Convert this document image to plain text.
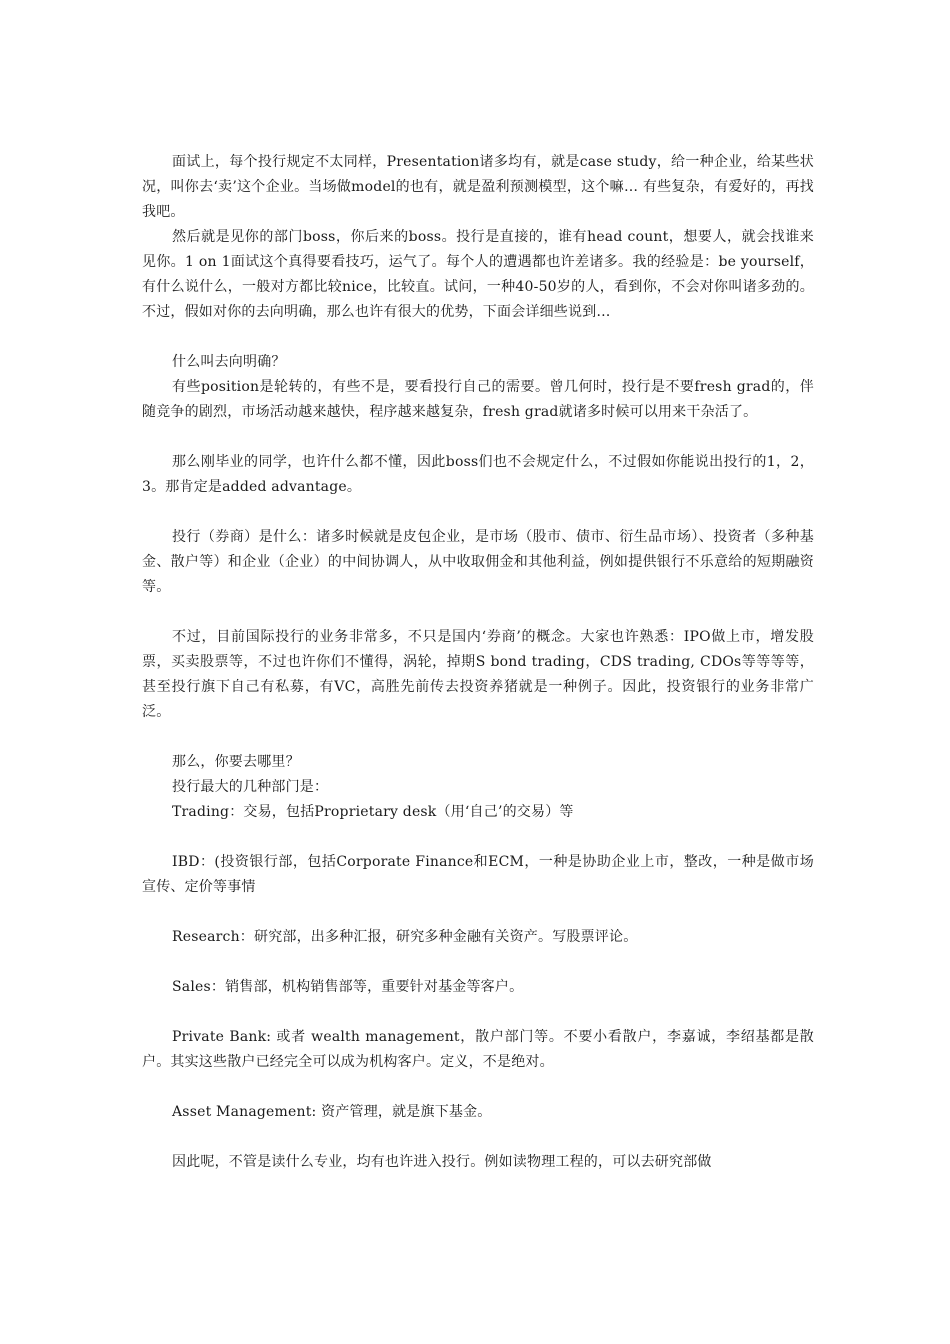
面试上，每个投行规定不太同样，Presentation诸多均有，就是case study，给一种企业，给某些状况，叫你去‘卖’这个企业。当场做model的也有，就是盈利预测模型，这个嘛… 有些复杂，有爱好的，再找我吧。

然后就是见你的部门boss，你后来的boss。投行是直接的，谁有head count，想要人，就会找谁来见你。1 on 1面试这个真得要看技巧，运气了。每个人的遭遇都也许差诸多。我的经验是：be yourself，有什么说什么，一般对方都比较nice，比较直。试问，一种40-50岁的人，看到你，不会对你叫诸多劲的。不过，假如对你的去向明确，那么也许有很大的优势，下面会详细些说到…

什么叫去向明确？

有些position是轮转的，有些不是，要看投行自己的需要。曾几何时，投行是不要fresh grad的，伴随竞争的剧烈，市场活动越来越快，程序越来越复杂，fresh grad就诸多时候可以用来干杂活了。

那么刚毕业的同学，也许什么都不懂，因此boss们也不会规定什么，不过假如你能说出投行的1，2，3。那肯定是added advantage。

投行（券商）是什么：诸多时候就是皮包企业，是市场（股市、债市、衍生品市场）、投资者（多种基金、散户等）和企业（企业）的中间协调人，从中收取佣金和其他利益，例如提供银行不乐意给的短期融资等。

不过，目前国际投行的业务非常多，不只是国内‘券商’的概念。大家也许熟悉：IPO做上市，增发股票，买卖股票等，不过也许你们不懂得，涡轮，掉期S bond trading，CDS trading, CDOs等等等等，甚至投行旗下自己有私募，有VC，高胜先前传去投资养猪就是一种例子。因此，投资银行的业务非常广泛。

那么，你要去哪里？

投行最大的几种部门是：

Trading：交易，包括Proprietary desk（用‘自己’的交易）等

IBD：(投资银行部，包括Corporate Finance和ECM，一种是协助企业上市，整改，一种是做市场宣传、定价等事情

Research：研究部，出多种汇报，研究多种金融有关资产。写股票评论。

Sales：销售部，机构销售部等，重要针对基金等客户。

Private Bank: 或者 wealth management，散户部门等。不要小看散户，李嘉诚，李绍基都是散户。其实这些散户已经完全可以成为机构客户。定义，不是绝对。

Asset Management: 资产管理，就是旗下基金。

因此呢，不管是读什么专业，均有也许进入投行。例如读物理工程的，可以去研究部做
